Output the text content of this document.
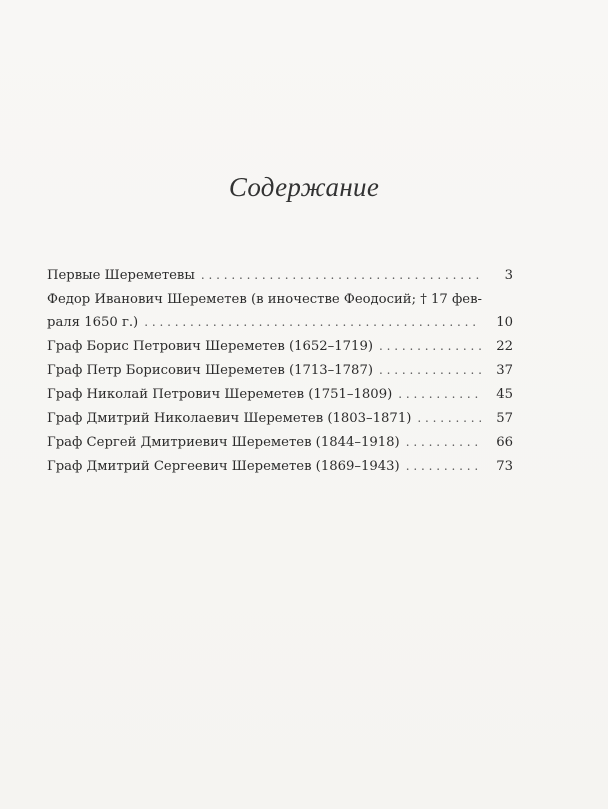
Содержание
Первые Шереметевы . . .	3
Федор Иванович Шереметев (в иночестве Феодосий; † 17 фев-
раля 1650 г.) . . .	10
Граф Борис Петрович Шереметев (1652–1719) . . .	22
Граф Петр Борисович Шереметев (1713–1787) . . .	37
Граф Николай Петрович Шереметев (1751–1809) . . .	45
Граф Дмитрий Николаевич Шереметев (1803–1871) . . .	57
Граф Сергей Дмитриевич Шереметев (1844–1918) . . .	66
Граф Дмитрий Сергеевич Шереметев (1869–1943) . . .	73
